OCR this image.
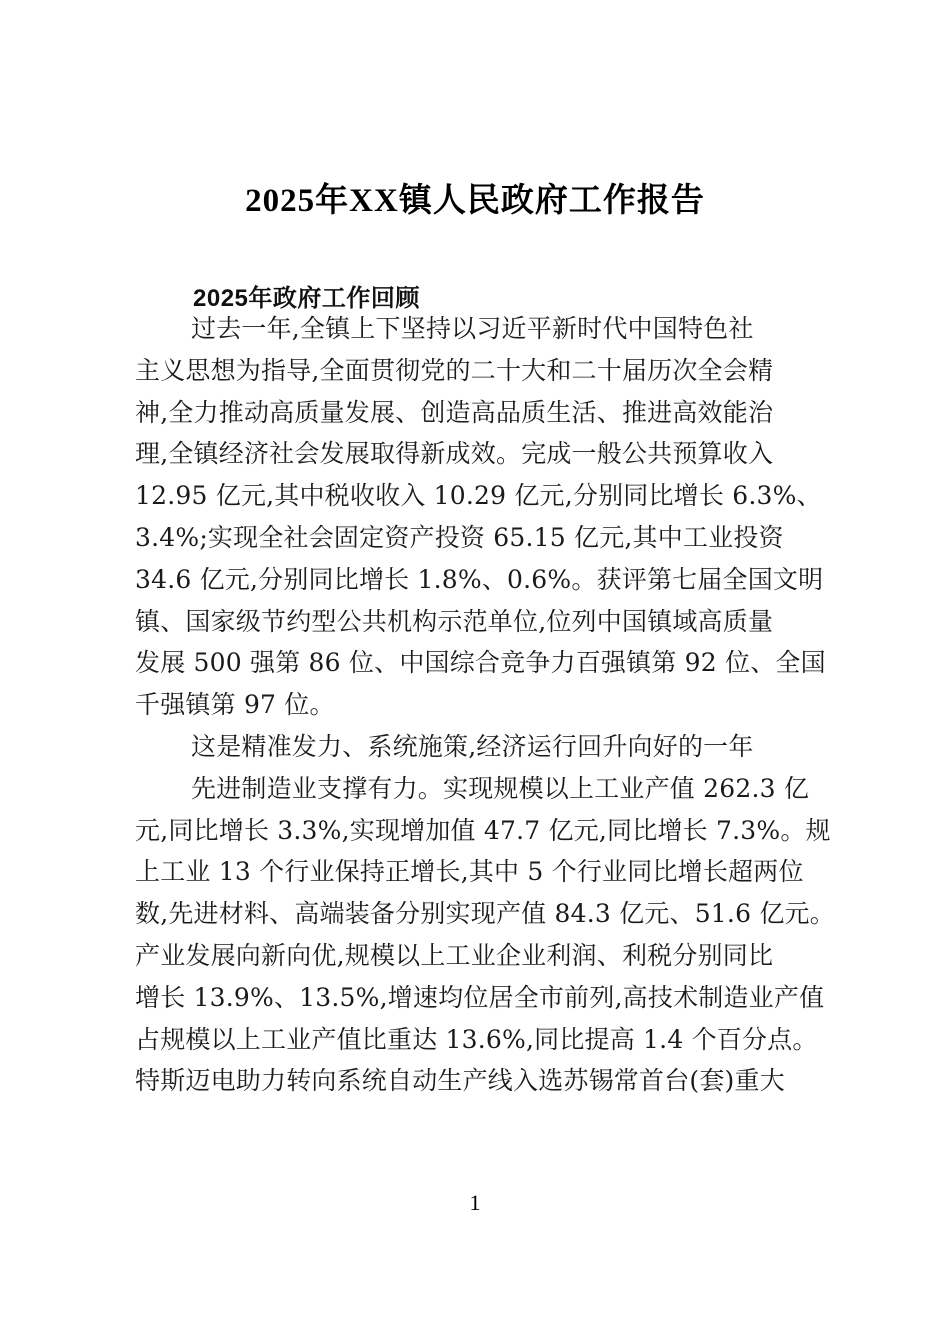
2025年XX镇人民政府工作报告
2025年政府工作回顾
过去一年,全镇上下坚持以习近平新时代中国特色社
主义思想为指导,全面贯彻党的二十大和二十届历次全会精
神,全力推动高质量发展、创造高品质生活、推进高效能治
理,全镇经济社会发展取得新成效。完成一般公共预算收入
12.95 亿元,其中税收收入 10.29 亿元,分别同比增长 6.3%、
3.4%;实现全社会固定资产投资 65.15 亿元,其中工业投资
34.6 亿元,分别同比增长 1.8%、0.6%。获评第七届全国文明
镇、国家级节约型公共机构示范单位,位列中国镇域高质量
发展 500 强第 86 位、中国综合竞争力百强镇第 92 位、全国
千强镇第 97 位。
这是精准发力、系统施策,经济运行回升向好的一年
先进制造业支撑有力。实现规模以上工业产值 262.3 亿
元,同比增长 3.3%,实现增加值 47.7 亿元,同比增长 7.3%。规
上工业 13 个行业保持正增长,其中 5 个行业同比增长超两位
数,先进材料、高端装备分别实现产值 84.3 亿元、51.6 亿元。
产业发展向新向优,规模以上工业企业利润、利税分别同比
增长 13.9%、13.5%,增速均位居全市前列,高技术制造业产值
占规模以上工业产值比重达 13.6%,同比提高 1.4 个百分点。
特斯迈电助力转向系统自动生产线入选苏锡常首台(套)重大
1
